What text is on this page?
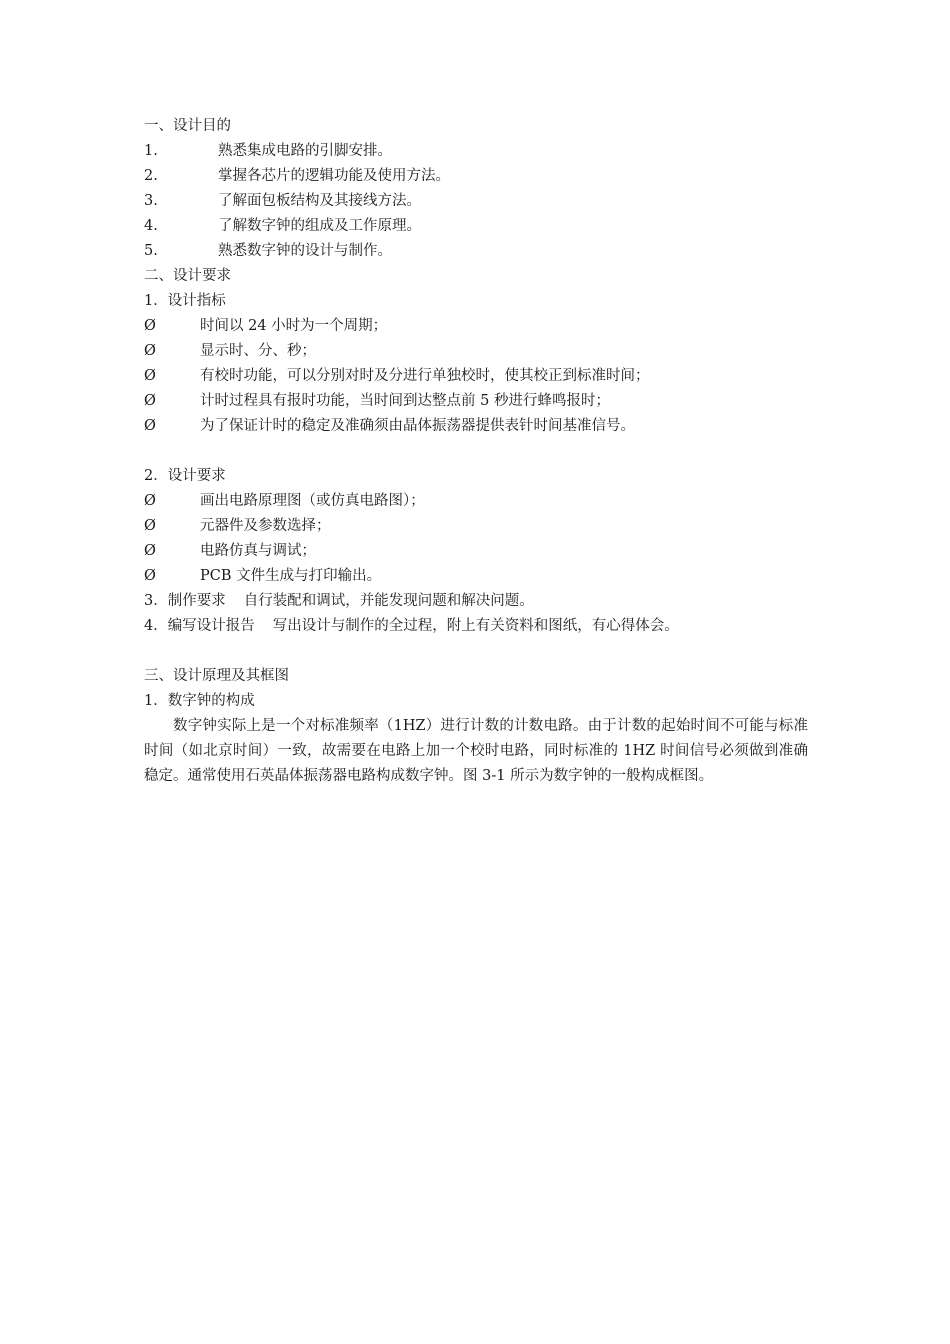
一、设计目的
1.	熟悉集成电路的引脚安排。
2.	掌握各芯片的逻辑功能及使用方法。
3.	了解面包板结构及其接线方法。
4.	了解数字钟的组成及工作原理。
5.	熟悉数字钟的设计与制作。
二、设计要求
1．设计指标
Ø	时间以 24 小时为一个周期；
Ø	显示时、分、秒；
Ø	有校时功能，可以分别对时及分进行单独校时，使其校正到标准时间；
Ø	计时过程具有报时功能，当时间到达整点前 5 秒进行蜂鸣报时；
Ø	为了保证计时的稳定及准确须由晶体振荡器提供表针时间基准信号。
2．设计要求
Ø	画出电路原理图（或仿真电路图）；
Ø	元器件及参数选择；
Ø	电路仿真与调试；
Ø	PCB 文件生成与打印输出。
3．制作要求 自行装配和调试，并能发现问题和解决问题。
4．编写设计报告 写出设计与制作的全过程，附上有关资料和图纸，有心得体会。
三、设计原理及其框图
1．数字钟的构成

数字钟实际上是一个对标准频率（1HZ）进行计数的计数电路。由于计数的起始时间不可能与标准时间（如北京时间）一致，故需要在电路上加一个校时电路，同时标准的 1HZ 时间信号必须做到准确稳定。通常使用石英晶体振荡器电路构成数字钟。图 3-1 所示为数字钟的一般构成框图。
